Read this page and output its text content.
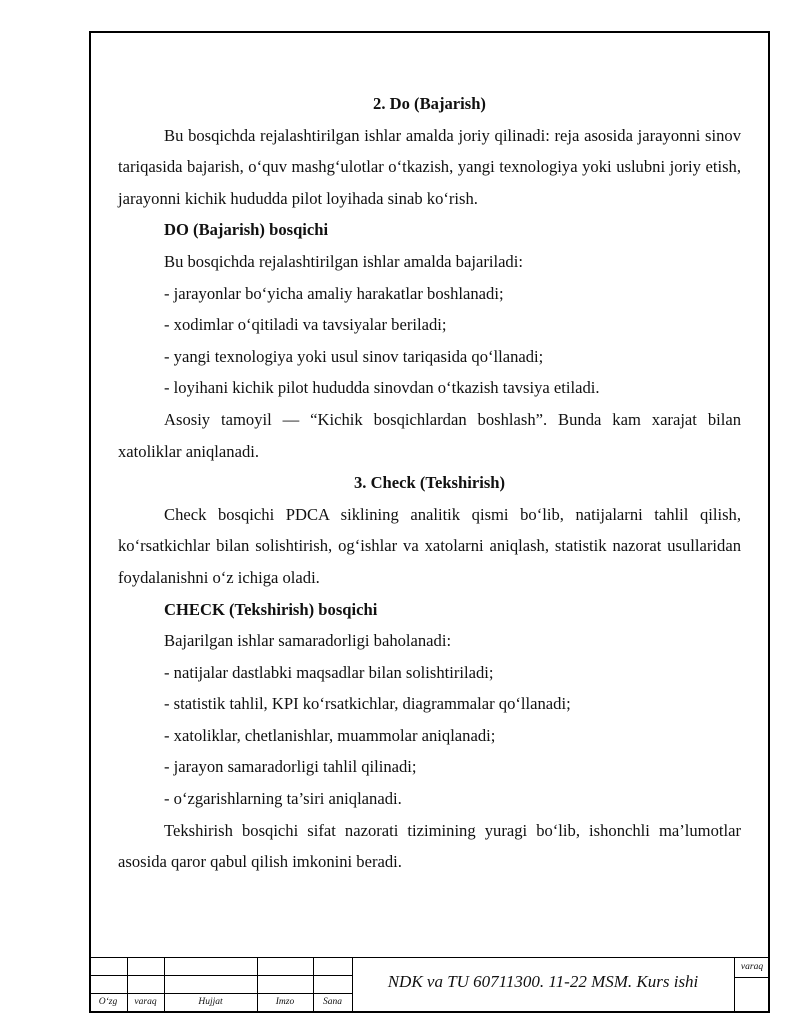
2. Do (Bajarish)

Bu bosqichda rejalashtirilgan ishlar amalda joriy qilinadi: reja asosida jarayonni sinov tariqasida bajarish, o‘quv mashg‘ulotlar o‘tkazish, yangi texnologiya yoki uslubni joriy etish, jarayonni kichik hududda pilot loyihada sinab ko‘rish.

DO (Bajarish) bosqichi

Bu bosqichda rejalashtirilgan ishlar amalda bajariladi:

- jarayonlar bo‘yicha amaliy harakatlar boshlanadi;

- xodimlar o‘qitiladi va tavsiyalar beriladi;

- yangi texnologiya yoki usul sinov tariqasida qo‘llanadi;

- loyihani kichik pilot hududda sinovdan o‘tkazish tavsiya etiladi.

Asosiy tamoyil — “Kichik bosqichlardan boshlash”. Bunda kam xarajat bilan xatoliklar aniqlanadi.

3. Check (Tekshirish)

Check bosqichi PDCA siklining analitik qismi bo‘lib, natijalarni tahlil qilish, ko‘rsatkichlar bilan solishtirish, og‘ishlar va xatolarni aniqlash, statistik nazorat usullaridan foydalanishni o‘z ichiga oladi.

CHECK (Tekshirish) bosqichi

Bajarilgan ishlar samaradorligi baholanadi:

- natijalar dastlabki maqsadlar bilan solishtiriladi;

- statistik tahlil, KPI ko‘rsatkichlar, diagrammalar qo‘llanadi;

- xatoliklar, chetlanishlar, muammolar aniqlanadi;

- jarayon samaradorligi tahlil qilinadi;

- o‘zgarishlarning ta’siri aniqlanadi.

Tekshirish bosqichi sifat nazorati tizimining yuragi bo‘lib, ishonchli ma’lumotlar asosida qaror qabul qilish imkonini beradi.

O‘zg	varaq	Hujjat	Imzo	Sana
NDK va TU 60711300. 11-22 MSM. Kurs ishi
varaq
